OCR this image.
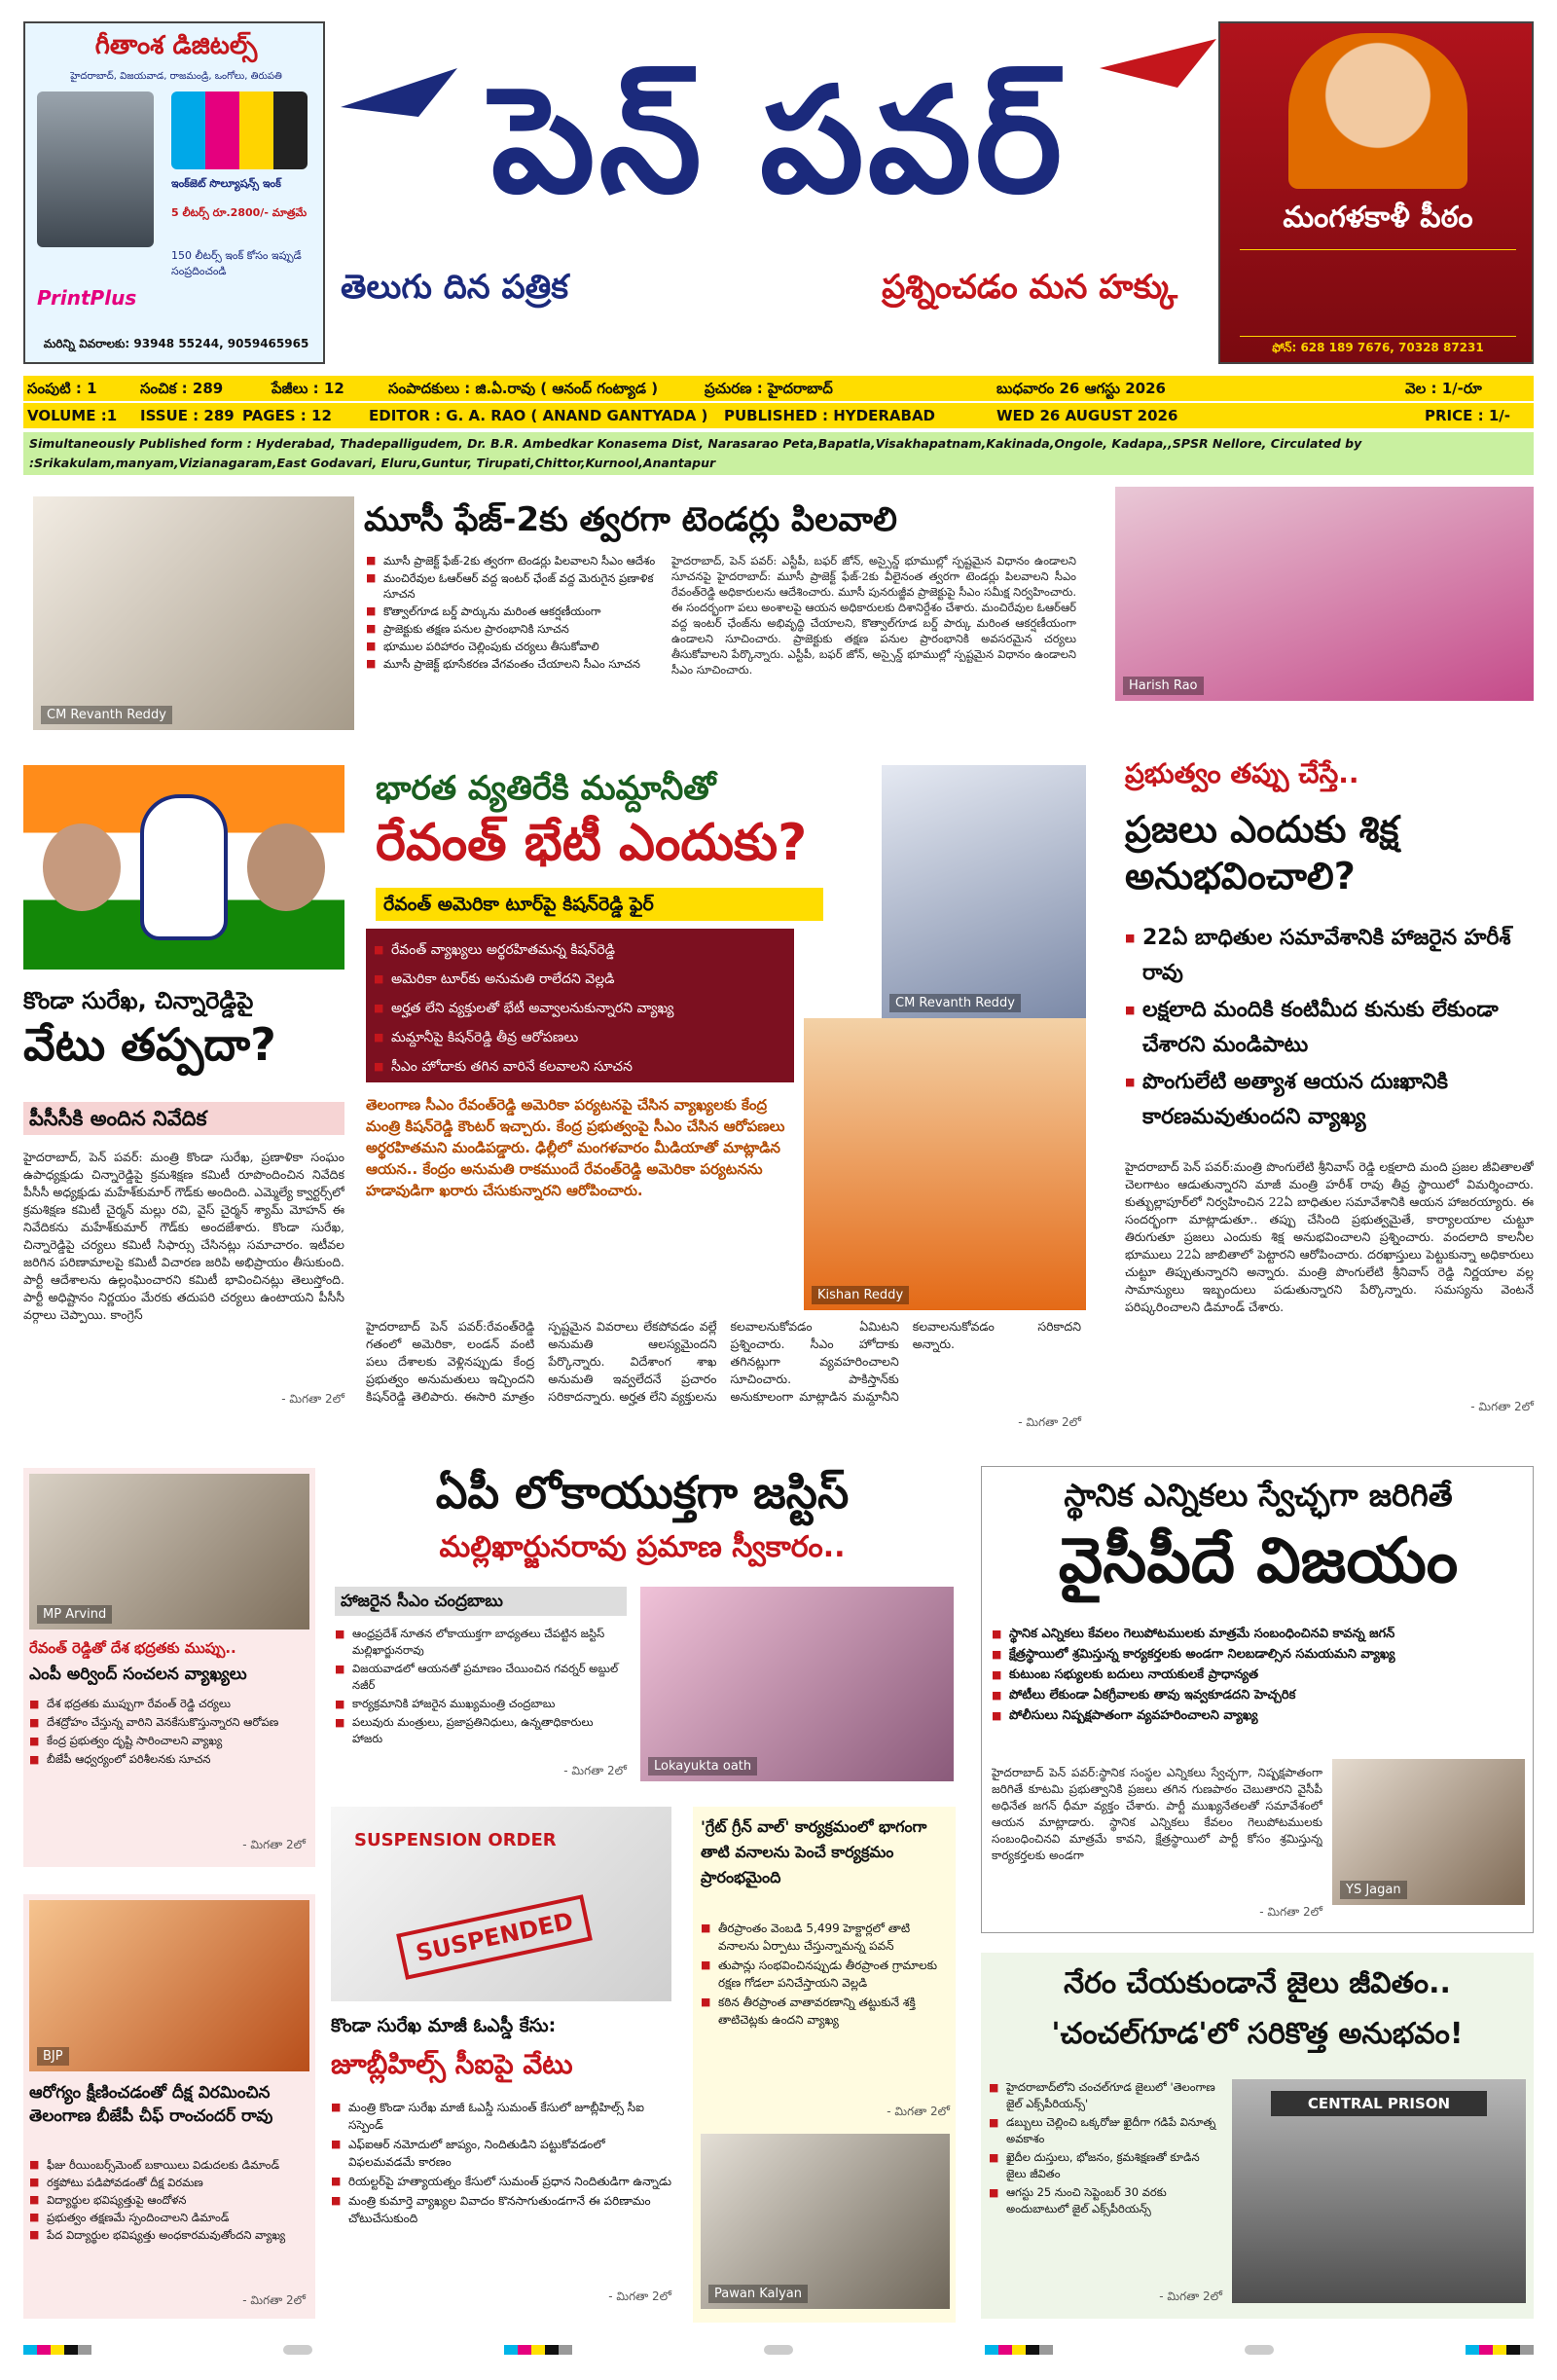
గీతాంశ డిజిటల్స్
హైదరాబాద్, విజయవాడ, రాజమండ్రి, ఒంగోలు, తిరుపతి
ఇంక్‌జెట్ సొల్యూషన్స్ ఇంక్
5 లీటర్స్ రూ.2800/- మాత్రమే
150 లీటర్స్ ఇంక్ కోసం ఇప్పుడే సంప్రదించండి
PrintPlus
మరిన్ని వివరాలకు: 93948 55244, 9059465965
పెన్ పవర్
తెలుగు దిన పత్రిక	ప్రశ్నించడం మన హక్కు
మంగళకాళీ పీఠం
ఫోన్: 628 189 7676, 70328 87231
సంపుటి : 1	సంచిక : 289	పేజీలు : 12	సంపాదకులు : జి.ఏ.రావు ( ఆనంద్ గంట్యాడ )	ప్రచురణ : హైదరాబాద్	బుధవారం 26 ఆగస్టు 2026	వెల : 1/-రూ
VOLUME :1 ISSUE : 289 PAGES : 12	EDITOR : G. A. RAO ( ANAND GANTYADA ) PUBLISHED : HYDERABAD	WED 26 AUGUST 2026	PRICE : 1/-
Simultaneously Published form : Hyderabad, Thadepalligudem, Dr. B.R. Ambedkar Konasema Dist, Narasarao Peta,Bapatla,Visakhapatnam,Kakinada,Ongole, Kadapa,,SPSR Nellore, Circulated by :Srikakulam,manyam,Vizianagaram,East Godavari, Eluru,Guntur, Tirupati,Chittor,Kurnool,Anantapur
CM Revanth Reddy
మూసీ ఫేజ్-2కు త్వరగా టెండర్లు పిలవాలి
■ మూసీ ప్రాజెక్ట్ ఫేజ్-2కు త్వరగా టెండర్లు పిలవాలని సీఎం ఆదేశం
■ మంచిరేవుల ఓఆర్ఆర్ వద్ద ఇంటర్ ఛేంజ్ వద్ద మెరుగైన ప్రణాళిక సూచన
■ కొత్వాల్‌గూడ బర్డ్ పార్కును మరింత ఆకర్షణీయంగా
■ ప్రాజెక్టుకు తక్షణ పనుల ప్రారంభానికి సూచన
■ భూముల పరిహారం చెల్లింపుకు చర్యలు తీసుకోవాలి
■ మూసీ ప్రాజెక్ట్ భూసేకరణ వేగవంతం చేయాలని సీఎం సూచన
హైదరాబాద్, పెన్ పవర్: ఎస్టీపీ, బఫర్ జోన్, అస్సైన్డ్ భూముల్లో స్పష్టమైన విధానం ఉండాలని సూచనపై హైదరాబాద్: మూసీ ప్రాజెక్ట్ ఫేజ్-2కు వీలైనంత త్వరగా టెండర్లు పిలవాలని సీఎం రేవంత్‌రెడ్డి అధికారులను ఆదేశించారు. మూసీ పునరుజ్జీవ ప్రాజెక్టుపై సీఎం సమీక్ష నిర్వహించారు. ఈ సందర్భంగా పలు అంశాలపై ఆయన అధికారులకు దిశానిర్దేశం చేశారు. మంచిరేవుల ఓఆర్ఆర్ వద్ద ఇంటర్ ఛేంజ్‌ను అభివృద్ధి చేయాలని, కొత్వాల్‌గూడ బర్డ్ పార్కు మరింత ఆకర్షణీయంగా ఉండాలని సూచించారు. ప్రాజెక్టుకు తక్షణ పనుల ప్రారంభానికి అవసరమైన చర్యలు తీసుకోవాలని పేర్కొన్నారు. ఎస్టీపీ, బఫర్ జోన్, అస్సైన్డ్ భూముల్లో స్పష్టమైన విధానం ఉండాలని సీఎం సూచించారు.
Harish Rao
కొండా సురేఖ, చిన్నారెడ్డిపై
వేటు తప్పదా?
పీసీసీకి అందిన నివేదిక
హైదరాబాద్, పెన్ పవర్: మంత్రి కొండా సురేఖ, ప్రణాళికా సంఘం ఉపాధ్యక్షుడు చిన్నారెడ్డిపై క్రమశిక్షణ కమిటీ రూపొందించిన నివేదిక పీసీసీ అధ్యక్షుడు మహేశ్‌కుమార్ గౌడ్‌కు అందింది. ఎమ్మెల్యే క్వార్టర్స్‌లో క్రమశిక్షణ కమిటీ చైర్మన్ మల్లు రవి, వైస్ చైర్మన్ శ్యామ్ మోహన్ ఈ నివేదికను మహేశ్‌కుమార్ గౌడ్‌కు అందజేశారు. కొండా సురేఖ, చిన్నారెడ్డిపై చర్యలు కమిటీ సిఫార్సు చేసినట్లు సమాచారం. ఇటీవల జరిగిన పరిణామాలపై కమిటీ విచారణ జరిపి అభిప్రాయం తీసుకుంది. పార్టీ ఆదేశాలను ఉల్లంఘించారని కమిటీ భావించినట్లు తెలుస్తోంది. పార్టీ అధిష్టానం నిర్ణయం మేరకు తదుపరి చర్యలు ఉంటాయని పీసీసీ వర్గాలు చెప్పాయి. కాంగ్రెస్
- మిగతా 2లో
భారత వ్యతిరేకి మమ్దానీతో
రేవంత్ భేటీ ఎందుకు?
రేవంత్ అమెరికా టూర్‌పై కిషన్‌రెడ్డి ఫైర్
■ రేవంత్ వ్యాఖ్యలు అర్థరహితమన్న కిషన్‌రెడ్డి
■ అమెరికా టూర్‌కు అనుమతి రాలేదని వెల్లడి
■ అర్హత లేని వ్యక్తులతో భేటీ అవ్వాలనుకున్నారని వ్యాఖ్య
■ మమ్దానీపై కిషన్‌రెడ్డి తీవ్ర ఆరోపణలు
■ సీఎం హోదాకు తగిన వారినే కలవాలని సూచన
CM Revanth Reddy
Kishan Reddy
తెలంగాణ సీఎం రేవంత్‌రెడ్డి అమెరికా పర్యటనపై చేసిన వ్యాఖ్యలకు కేంద్ర మంత్రి కిషన్‌రెడ్డి కౌంటర్ ఇచ్చారు. కేంద్ర ప్రభుత్వంపై సీఎం చేసిన ఆరోపణలు అర్థరహితమని మండిపడ్డారు. ఢిల్లీలో మంగళవారం మీడియాతో మాట్లాడిన ఆయన.. కేంద్రం అనుమతి రాకముందే రేవంత్‌రెడ్డి అమెరికా పర్యటనను హడావుడిగా ఖరారు చేసుకున్నారని ఆరోపించారు.
హైదరాబాద్ పెన్ పవర్:రేవంత్‌రెడ్డి గతంలో అమెరికా, లండన్ వంటి పలు దేశాలకు వెళ్లినప్పుడు కేంద్ర ప్రభుత్వం అనుమతులు ఇచ్చిందని కిషన్‌రెడ్డి తెలిపారు. ఈసారి మాత్రం స్పష్టమైన వివరాలు లేకపోవడం వల్లే అనుమతి ఆలస్యమైందని పేర్కొన్నారు. విదేశాంగ శాఖ అనుమతి ఇవ్వలేదనే ప్రచారం సరికాదన్నారు. అర్హత లేని వ్యక్తులను కలవాలనుకోవడం ఏమిటని ప్రశ్నించారు. సీఎం హోదాకు తగినట్లుగా వ్యవహరించాలని సూచించారు. పాకిస్తాన్‌కు అనుకూలంగా మాట్లాడిన మమ్దానీని కలవాలనుకోవడం సరికాదని అన్నారు.
- మిగతా 2లో
ప్రభుత్వం తప్పు చేస్తే..
ప్రజలు ఎందుకు శిక్ష అనుభవించాలి?
■ 22ఏ బాధితుల సమావేశానికి హాజరైన హరీశ్ రావు
■ లక్షలాది మందికి కంటిమీద కునుకు లేకుండా చేశారని మండిపాటు
■ పొంగులేటి అత్యాశ ఆయన దుఃఖానికి కారణమవుతుందని వ్యాఖ్య
హైదరాబాద్ పెన్ పవర్:మంత్రి పొంగులేటి శ్రీనివాస్ రెడ్డి లక్షలాది మంది ప్రజల జీవితాలతో చెలగాటం ఆడుతున్నారని మాజీ మంత్రి హరీశ్ రావు తీవ్ర స్థాయిలో విమర్శించారు. కుత్బుల్లాపూర్‌లో నిర్వహించిన 22ఏ బాధితుల సమావేశానికి ఆయన హాజరయ్యారు. ఈ సందర్భంగా మాట్లాడుతూ.. తప్పు చేసింది ప్రభుత్వమైతే, కార్యాలయాల చుట్టూ తిరుగుతూ ప్రజలు ఎందుకు శిక్ష అనుభవించాలని ప్రశ్నించారు. వందలాది కాలనీల భూములు 22ఏ జాబితాలో పెట్టారని ఆరోపించారు. దరఖాస్తులు పెట్టుకున్నా అధికారులు చుట్టూ తిప్పుతున్నారని అన్నారు. మంత్రి పొంగులేటి శ్రీనివాస్ రెడ్డి నిర్ణయాల వల్ల సామాన్యులు ఇబ్బందులు పడుతున్నారని పేర్కొన్నారు. సమస్యను వెంటనే పరిష్కరించాలని డిమాండ్ చేశారు.
- మిగతా 2లో
MP Arvind
రేవంత్ రెడ్డితో దేశ భద్రతకు ముప్పు..
ఎంపీ అర్వింద్ సంచలన వ్యాఖ్యలు
■ దేశ భద్రతకు ముప్పుగా రేవంత్ రెడ్డి చర్యలు
■ దేశద్రోహం చేస్తున్న వారిని వెనకేసుకొస్తున్నారని ఆరోపణ
■ కేంద్ర ప్రభుత్వం దృష్టి సారించాలని వ్యాఖ్య
■ బీజేపీ ఆధ్వర్యంలో పరిశీలనకు సూచన
- మిగతా 2లో
BJP
ఆరోగ్యం క్షీణించడంతో దీక్ష విరమించిన తెలంగాణ బీజేపీ చీఫ్ రాంచందర్ రావు
■ ఫీజు రీయింబర్స్‌మెంట్ బకాయిలు విడుదలకు డిమాండ్
■ రక్తపోటు పడిపోవడంతో దీక్ష విరమణ
■ విద్యార్థుల భవిష్యత్తుపై ఆందోళన
■ ప్రభుత్వం తక్షణమే స్పందించాలని డిమాండ్
■ పేద విద్యార్థుల భవిష్యత్తు అంధకారమవుతోందని వ్యాఖ్య
- మిగతా 2లో
ఏపీ లోకాయుక్తగా జస్టిస్
మల్లిఖార్జునరావు ప్రమాణ స్వీకారం..
హాజరైన సీఎం చంద్రబాబు
■ ఆంధ్రప్రదేశ్ నూతన లోకాయుక్తగా బాధ్యతలు చేపట్టిన జస్టిస్ మల్లిఖార్జునరావు
■ విజయవాడలో ఆయనతో ప్రమాణం చేయించిన గవర్నర్ అబ్దుల్ నజీర్
■ కార్యక్రమానికి హాజరైన ముఖ్యమంత్రి చంద్రబాబు
■ పలువురు మంత్రులు, ప్రజాప్రతినిధులు, ఉన్నతాధికారులు హాజరు
- మిగతా 2లో	Lokayukta oath
స్థానిక ఎన్నికలు స్వేచ్ఛగా జరిగితే
వైసీపీదే విజయం
■ స్థానిక ఎన్నికలు కేవలం గెలుపోటములకు మాత్రమే సంబంధించినవి కావన్న జగన్
■ క్షేత్రస్థాయిలో శ్రమిస్తున్న కార్యకర్తలకు అండగా నిలబడాల్సిన సమయమని వ్యాఖ్య
■ కుటుంబ సభ్యులకు బదులు నాయకులకే ప్రాధాన్యత
■ పోటీలు లేకుండా ఏకగ్రీవాలకు తావు ఇవ్వకూడదని హెచ్చరిక
■ పోలీసులు నిష్పక్షపాతంగా వ్యవహరించాలని వ్యాఖ్య
హైదరాబాద్ పెన్ పవర్:స్థానిక సంస్థల ఎన్నికలు స్వేచ్ఛగా, నిష్పక్షపాతంగా జరిగితే కూటమి ప్రభుత్వానికి ప్రజలు తగిన గుణపాఠం చెబుతారని వైసీపీ అధినేత జగన్ ధీమా వ్యక్తం చేశారు. పార్టీ ముఖ్యనేతలతో సమావేశంలో ఆయన మాట్లాడారు. స్థానిక ఎన్నికలు కేవలం గెలుపోటములకు సంబంధించినవి మాత్రమే కావని, క్షేత్రస్థాయిలో పార్టీ కోసం శ్రమిస్తున్న కార్యకర్తలకు అండగా
YS Jagan
- మిగతా 2లో
SUSPENSION ORDER
SUSPENDED
కొండా సురేఖ మాజీ ఓఎస్డీ కేసు:
జూబ్లీహిల్స్ సీఐపై వేటు
■ మంత్రి కొండా సురేఖ మాజీ ఓఎస్డీ సుమంత్ కేసులో జూబ్లీహిల్స్ సీఐ సస్పెండ్
■ ఎఫ్ఐఆర్ నమోదులో జాప్యం, నిందితుడిని పట్టుకోవడంలో విఫలమవడమే కారణం
■ రియల్టర్‌పై హత్యాయత్నం కేసులో సుమంత్ ప్రధాన నిందితుడిగా ఉన్నాడు
■ మంత్రి కుమార్తె వ్యాఖ్యల వివాదం కొనసాగుతుండగానే ఈ పరిణామం చోటుచేసుకుంది
- మిగతా 2లో
'గ్రేట్ గ్రీన్ వాల్' కార్యక్రమంలో భాగంగా తాటి వనాలను పెంచే కార్యక్రమం ప్రారంభమైంది
■ తీరప్రాంతం వెంబడి 5,499 హెక్టార్లలో తాటి వనాలను ఏర్పాటు చేస్తున్నామన్న పవన్
■ తుపాన్లు సంభవించినప్పుడు తీరప్రాంత గ్రామాలకు రక్షణ గోడలా పనిచేస్తాయని వెల్లడి
■ కఠిన తీరప్రాంత వాతావరణాన్ని తట్టుకునే శక్తి తాటిచెట్లకు ఉందని వ్యాఖ్య
- మిగతా 2లో
Pawan Kalyan
నేరం చేయకుండానే జైలు జీవితం..
'చంచల్‌గూడ'లో సరికొత్త అనుభవం!
■ హైదరాబాద్‌లోని చంచల్‌గూడ జైలులో 'తెలంగాణ జైల్ ఎక్స్‌పీరియన్స్'
■ డబ్బులు చెల్లించి ఒక్కరోజు ఖైదీగా గడిపే వినూత్న అవకాశం
■ ఖైదీల దుస్తులు, భోజనం, క్రమశిక్షణతో కూడిన జైలు జీవితం
■ ఆగస్టు 25 నుంచి సెప్టెంబర్ 30 వరకు అందుబాటులో జైల్ ఎక్స్‌పీరియన్స్
CENTRAL PRISON
- మిగతా 2లో
